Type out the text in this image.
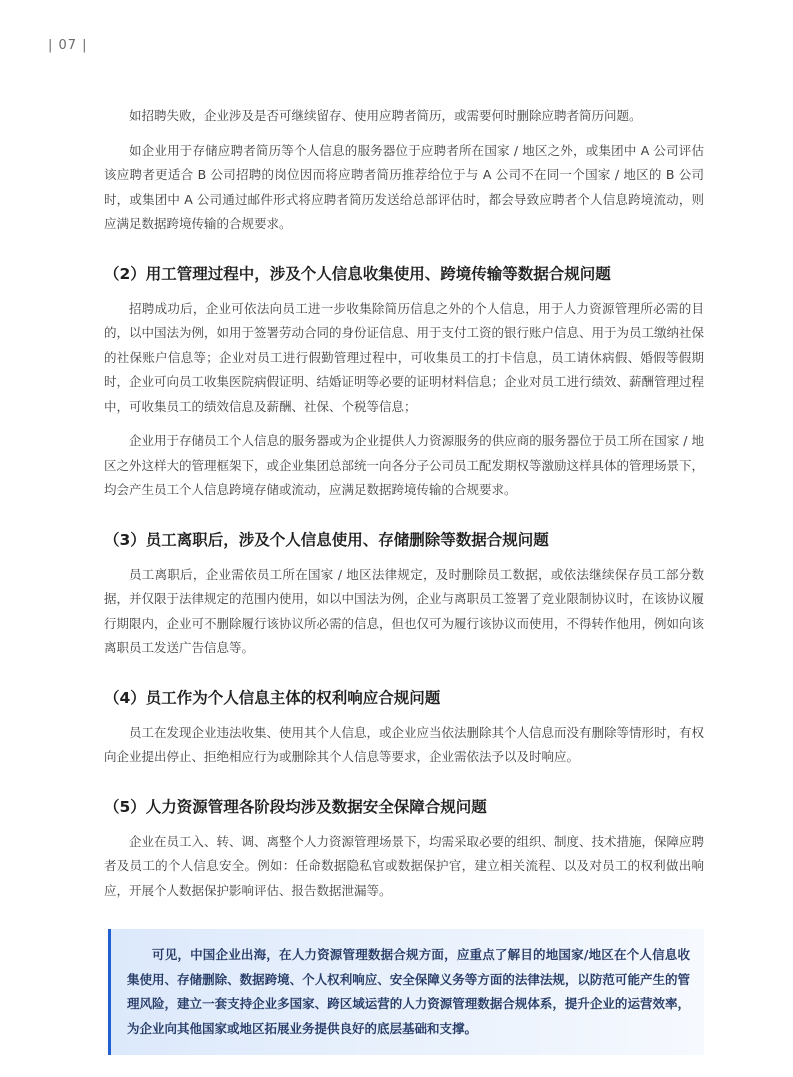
| 07 |

如招聘失败，企业涉及是否可继续留存、使用应聘者简历，或需要何时删除应聘者简历问题。

如企业用于存储应聘者简历等个人信息的服务器位于应聘者所在国家 / 地区之外，或集团中 A 公司评估该应聘者更适合 B 公司招聘的岗位因而将应聘者简历推荐给位于与 A 公司不在同一个国家 / 地区的 B 公司时，或集团中 A 公司通过邮件形式将应聘者简历发送给总部评估时，都会导致应聘者个人信息跨境流动，则应满足数据跨境传输的合规要求。

（2）用工管理过程中，涉及个人信息收集使用、跨境传输等数据合规问题

招聘成功后，企业可依法向员工进一步收集除简历信息之外的个人信息，用于人力资源管理所必需的目的，以中国法为例，如用于签署劳动合同的身份证信息、用于支付工资的银行账户信息、用于为员工缴纳社保的社保账户信息等；企业对员工进行假勤管理过程中，可收集员工的打卡信息，员工请休病假、婚假等假期时，企业可向员工收集医院病假证明、结婚证明等必要的证明材料信息；企业对员工进行绩效、薪酬管理过程中，可收集员工的绩效信息及薪酬、社保、个税等信息；

企业用于存储员工个人信息的服务器或为企业提供人力资源服务的供应商的服务器位于员工所在国家 / 地区之外这样大的管理框架下，或企业集团总部统一向各分子公司员工配发期权等激励这样具体的管理场景下，均会产生员工个人信息跨境存储或流动，应满足数据跨境传输的合规要求。

（3）员工离职后，涉及个人信息使用、存储删除等数据合规问题

员工离职后，企业需依员工所在国家 / 地区法律规定，及时删除员工数据，或依法继续保存员工部分数据，并仅限于法律规定的范围内使用，如以中国法为例，企业与离职员工签署了竞业限制协议时，在该协议履行期限内，企业可不删除履行该协议所必需的信息，但也仅可为履行该协议而使用，不得转作他用，例如向该离职员工发送广告信息等。

（4）员工作为个人信息主体的权利响应合规问题

员工在发现企业违法收集、使用其个人信息，或企业应当依法删除其个人信息而没有删除等情形时，有权向企业提出停止、拒绝相应行为或删除其个人信息等要求，企业需依法予以及时响应。

（5）人力资源管理各阶段均涉及数据安全保障合规问题

企业在员工入、转、调、离整个人力资源管理场景下，均需采取必要的组织、制度、技术措施，保障应聘者及员工的个人信息安全。例如：任命数据隐私官或数据保护官，建立相关流程、以及对员工的权利做出响应，开展个人数据保护影响评估、报告数据泄漏等。

可见，中国企业出海，在人力资源管理数据合规方面，应重点了解目的地国家/地区在个人信息收集使用、存储删除、数据跨境、个人权利响应、安全保障义务等方面的法律法规，以防范可能产生的管理风险，建立一套支持企业多国家、跨区域运营的人力资源管理数据合规体系，提升企业的运营效率，为企业向其他国家或地区拓展业务提供良好的底层基础和支撑。
